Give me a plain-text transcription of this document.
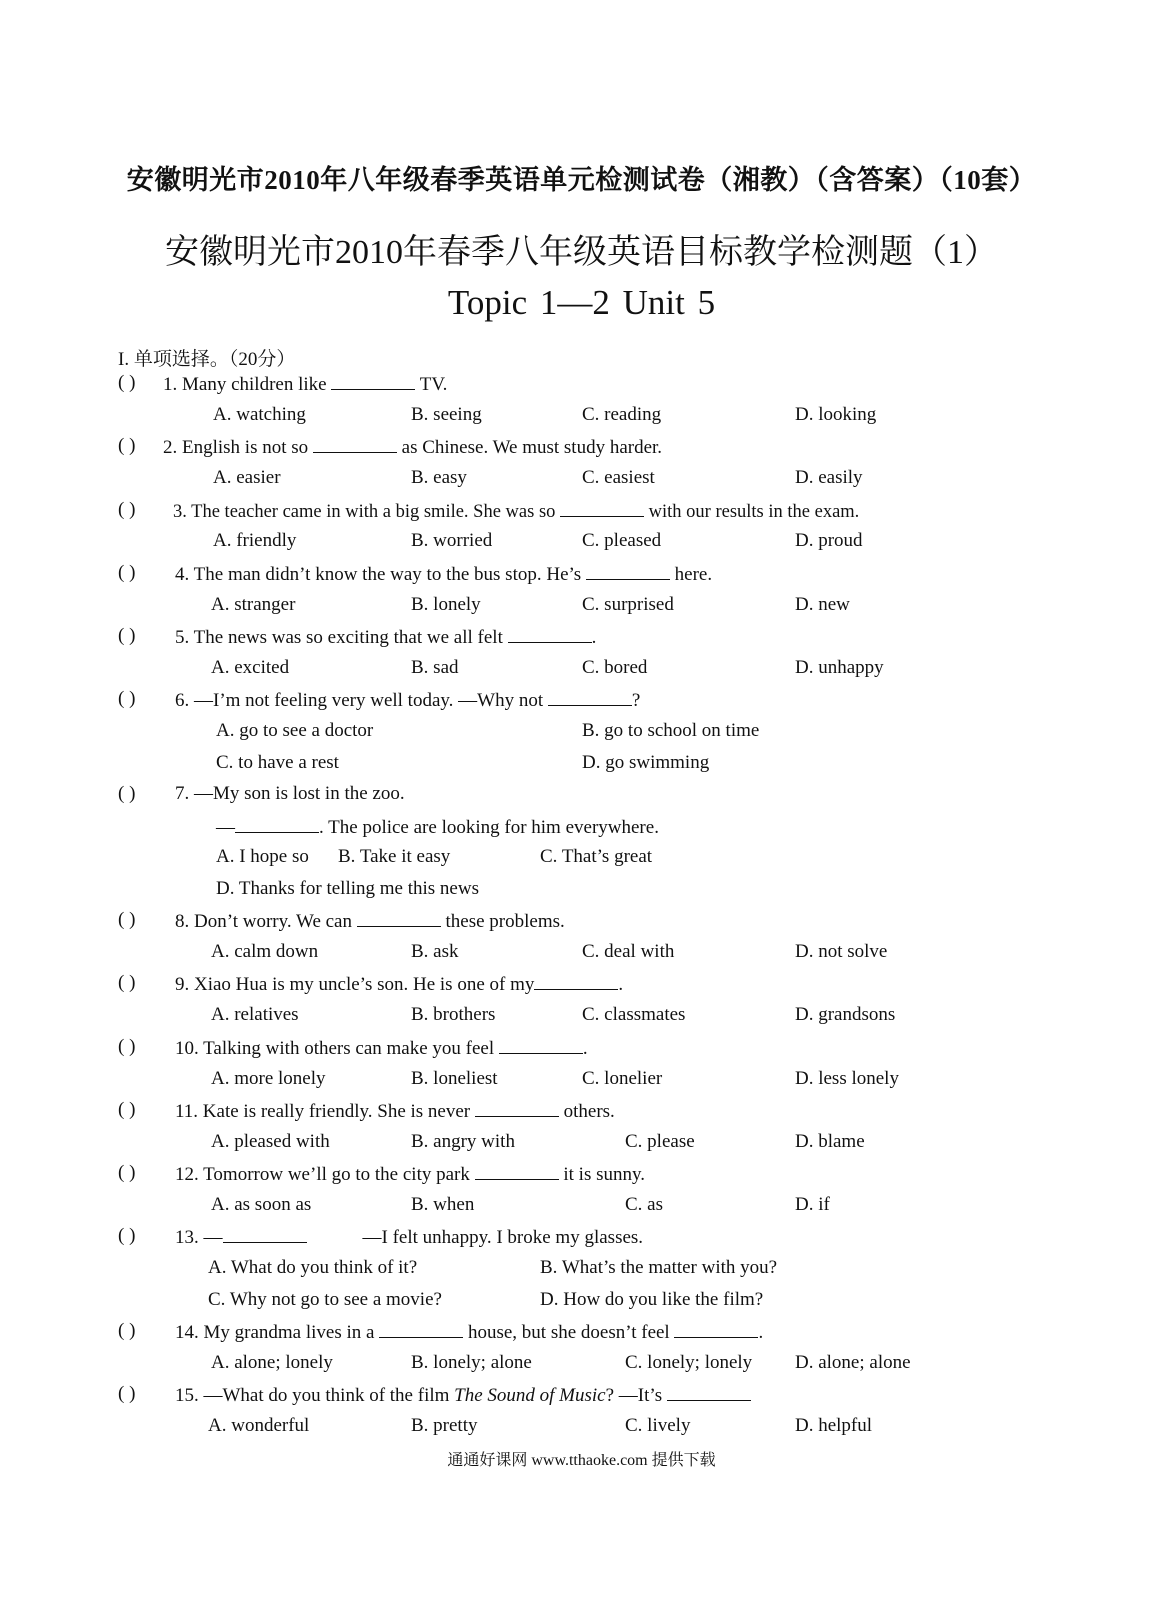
安徽明光市2010年八年级春季英语单元检测试卷（湘教）（含答案）（10套）
安徽明光市2010年春季八年级英语目标教学检测题（1）
Topic 1—2 Unit 5
I. 单项选择。（20分）
( ) 1. Many children like	TV.
A. watching	B. seeing	C. reading	D. looking
( ) 2. English is not so	as Chinese. We must study harder.
A. easier	B. easy	C. easiest	D. easily
( ) 3. The teacher came in with a big smile. She was so	with our results in the exam.
A. friendly	B. worried	C. pleased	D. proud
( ) 4. The man didn’t know the way to the bus stop. He’s	here.
A. stranger	B. lonely	C. surprised	D. new
( ) 5. The news was so exciting that we all felt	.
A. excited	B. sad	C. bored	D. unhappy
( ) 6. —I’m not feeling very well today. —Why not	?
A. go to see a doctor	B. go to school on time
C. to have a rest	D. go swimming
( ) 7. —My son is lost in the zoo.
—	. The police are looking for him everywhere.
A. I hope so B. Take it easy	C. That’s great
D. Thanks for telling me this news
( ) 8. Don’t worry. We can	these problems.
A. calm down	B. ask	C. deal with	D. not solve
( ) 9. Xiao Hua is my uncle’s son. He is one of my	.
A. relatives	B. brothers	C. classmates	D. grandsons
( ) 10. Talking with others can make you feel	.
A. more lonely	B. loneliest	C. lonelier	D. less lonely
( ) 11. Kate is really friendly. She is never	others.
A. pleased with	B. angry with	C. please	D. blame
( ) 12. Tomorrow we’ll go to the city park	it is sunny.
A. as soon as	B. when	C. as	D. if
( ) 13. —	—I felt unhappy. I broke my glasses.
A. What do you think of it?	B. What’s the matter with you?
C. Why not go to see a movie?	D. How do you like the film?
( ) 14. My grandma lives in a	house, but she doesn’t feel	.
A. alone; lonely	B. lonely; alone	C. lonely; lonely D. alone; alone
( ) 15. —What do you think of the film The Sound of Music? —It’s
A. wonderful	B. pretty	C. lively	D. helpful
通通好课网 www.tthaoke.com 提供下载
